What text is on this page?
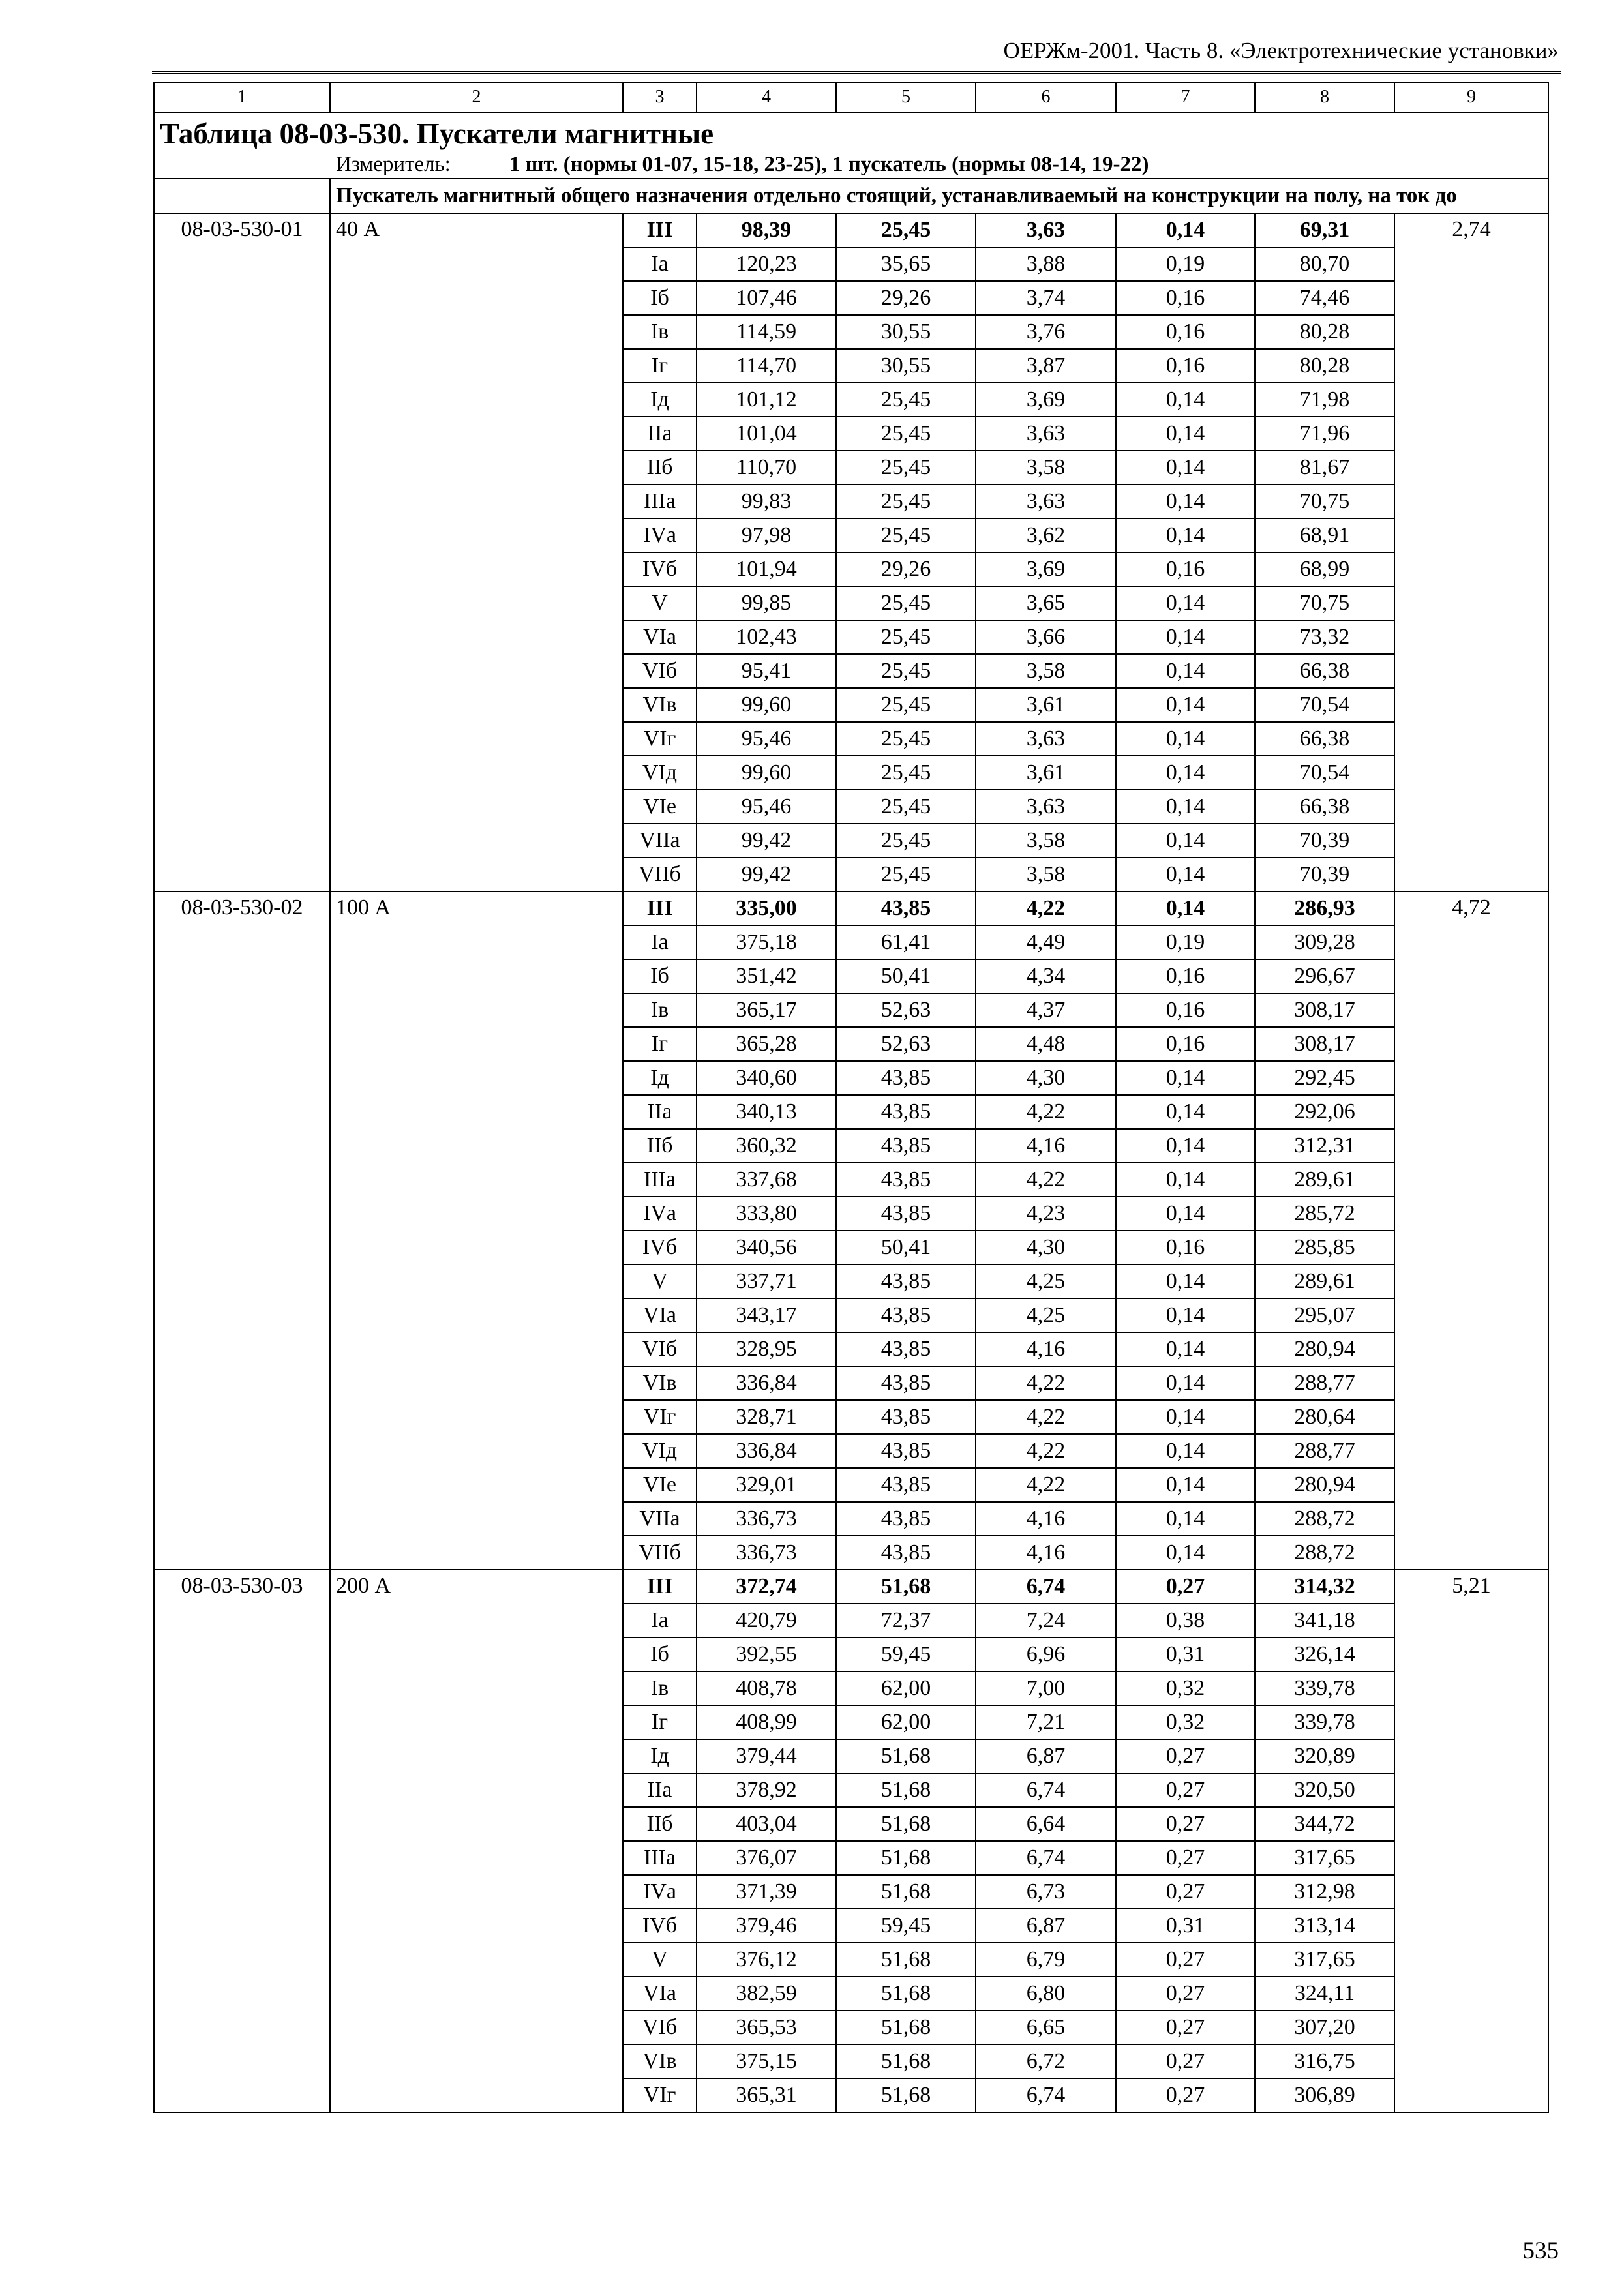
ОЕРЖм-2001. Часть 8. «Электротехнические установки»
1	2	3	4	5	6	7	8	9

Таблица 08-03-530. Пускатели магнитные
Измеритель: 1 шт. (нормы 01-07, 15-18, 23-25), 1 пускатель (нормы 08-14, 19-22)								

	Пускатель магнитный общего назначения отдельно стоящий, устанавливаемый на конструкции на полу, на ток до							
08-03-530-01	40 А	III	98,39	25,45	3,63	0,14	69,31	2,74
		Iа	120,23	35,65	3,88	0,19	80,70	
		Iб	107,46	29,26	3,74	0,16	74,46	
		Iв	114,59	30,55	3,76	0,16	80,28	
		Iг	114,70	30,55	3,87	0,16	80,28	
		Iд	101,12	25,45	3,69	0,14	71,98	
		IIа	101,04	25,45	3,63	0,14	71,96	
		IIб	110,70	25,45	3,58	0,14	81,67	
		IIIа	99,83	25,45	3,63	0,14	70,75	
		IVа	97,98	25,45	3,62	0,14	68,91	
		IVб	101,94	29,26	3,69	0,16	68,99	
		V	99,85	25,45	3,65	0,14	70,75	
		VIа	102,43	25,45	3,66	0,14	73,32	
		VIб	95,41	25,45	3,58	0,14	66,38	
		VIв	99,60	25,45	3,61	0,14	70,54	
		VIг	95,46	25,45	3,63	0,14	66,38	
		VIд	99,60	25,45	3,61	0,14	70,54	
		VIе	95,46	25,45	3,63	0,14	66,38	
		VIIа	99,42	25,45	3,58	0,14	70,39	
		VIIб	99,42	25,45	3,58	0,14	70,39	
08-03-530-02	100 А	III	335,00	43,85	4,22	0,14	286,93	4,72
		Iа	375,18	61,41	4,49	0,19	309,28	
		Iб	351,42	50,41	4,34	0,16	296,67	
		Iв	365,17	52,63	4,37	0,16	308,17	
		Iг	365,28	52,63	4,48	0,16	308,17	
		Iд	340,60	43,85	4,30	0,14	292,45	
		IIа	340,13	43,85	4,22	0,14	292,06	
		IIб	360,32	43,85	4,16	0,14	312,31	
		IIIа	337,68	43,85	4,22	0,14	289,61	
		IVа	333,80	43,85	4,23	0,14	285,72	
		IVб	340,56	50,41	4,30	0,16	285,85	
		V	337,71	43,85	4,25	0,14	289,61	
		VIа	343,17	43,85	4,25	0,14	295,07	
		VIб	328,95	43,85	4,16	0,14	280,94	
		VIв	336,84	43,85	4,22	0,14	288,77	
		VIг	328,71	43,85	4,22	0,14	280,64	
		VIд	336,84	43,85	4,22	0,14	288,77	
		VIе	329,01	43,85	4,22	0,14	280,94	
		VIIа	336,73	43,85	4,16	0,14	288,72	
		VIIб	336,73	43,85	4,16	0,14	288,72	
08-03-530-03	200 А	III	372,74	51,68	6,74	0,27	314,32	5,21
		Iа	420,79	72,37	7,24	0,38	341,18	
		Iб	392,55	59,45	6,96	0,31	326,14	
		Iв	408,78	62,00	7,00	0,32	339,78	
		Iг	408,99	62,00	7,21	0,32	339,78	
		Iд	379,44	51,68	6,87	0,27	320,89	
		IIа	378,92	51,68	6,74	0,27	320,50	
		IIб	403,04	51,68	6,64	0,27	344,72	
		IIIа	376,07	51,68	6,74	0,27	317,65	
		IVа	371,39	51,68	6,73	0,27	312,98	
		IVб	379,46	59,45	6,87	0,31	313,14	
		V	376,12	51,68	6,79	0,27	317,65	
		VIа	382,59	51,68	6,80	0,27	324,11	
		VIб	365,53	51,68	6,65	0,27	307,20	
		VIв	375,15	51,68	6,72	0,27	316,75	
		VIг	365,31	51,68	6,74	0,27	306,89	
535
